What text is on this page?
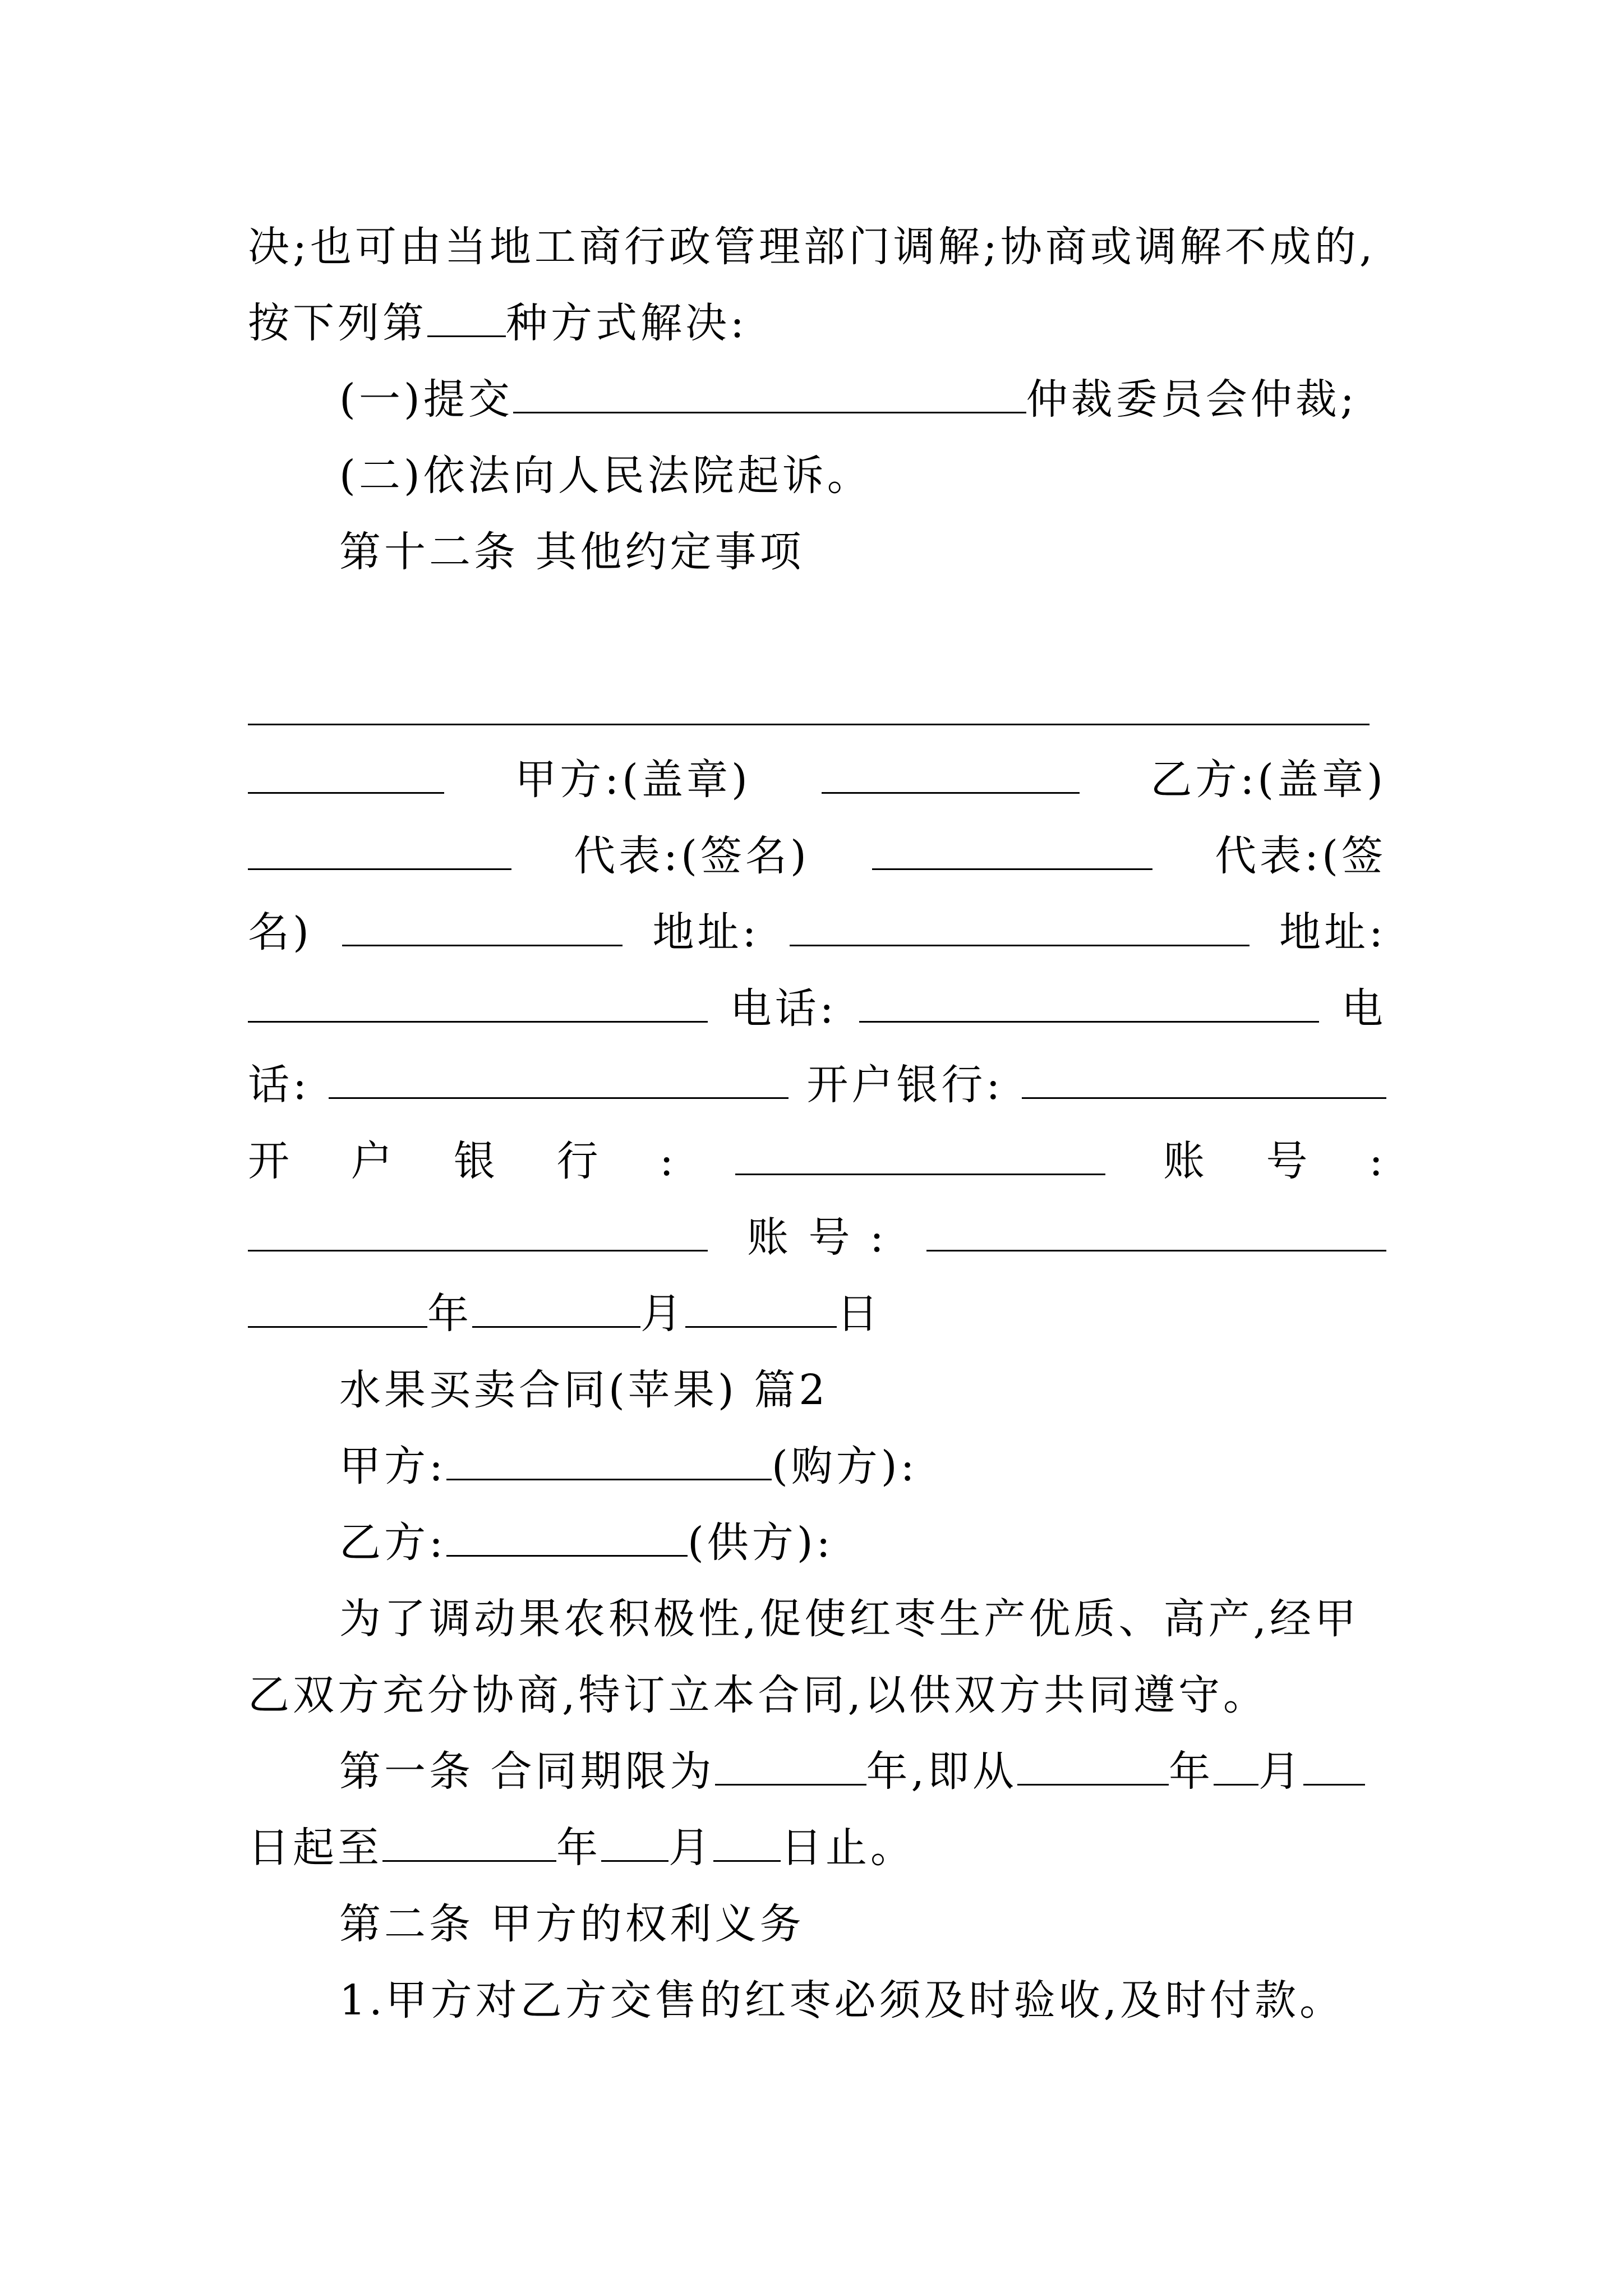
决;也可由当地工商行政管理部门调解;协商或调解不成的,
按下列第 种方式解决:
(一)提交	仲裁委员会仲裁;
(二)依法向人民法院起诉。
第十二条 其他约定事项
甲方:(盖章)	乙方:(盖章)
代表:(签名)	代表:(签
名)	地址:	地址:
电话:	电
话:	开户银行:
开 户 银 行 :	账 号 :
账 号 :
年	月	日
水果买卖合同(苹果) 篇2
甲方:	(购方):
乙方:	(供方):
为了调动果农积极性,促使红枣生产优质、高产,经甲
乙双方充分协商,特订立本合同,以供双方共同遵守。
第一条 合同期限为	年,即从	年 月
日起至	年 月 日止。
第二条 甲方的权利义务
1.甲方对乙方交售的红枣必须及时验收,及时付款。
